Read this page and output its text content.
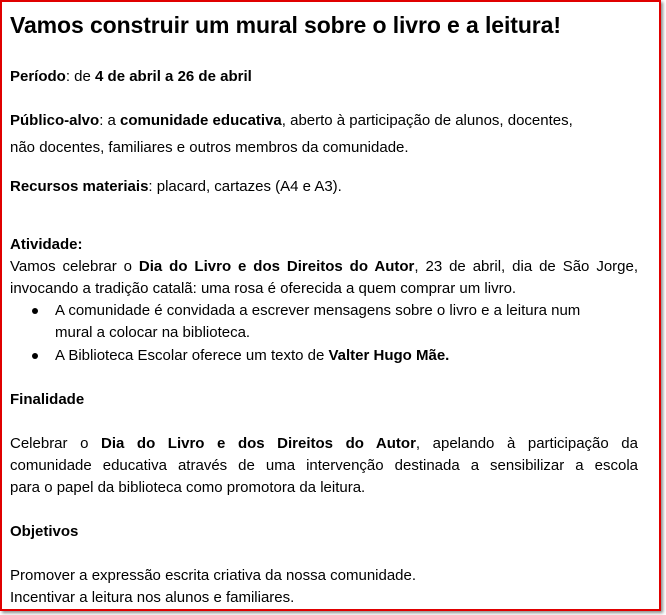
Vamos construir um mural sobre o livro e a leitura!
Período: de 4 de abril a 26 de abril
Público-alvo: a comunidade educativa, aberto à participação de alunos, docentes,
não docentes, familiares e outros membros da comunidade.
Recursos materiais: placard, cartazes (A4 e A3).
Atividade:
Vamos celebrar o Dia do Livro e dos Direitos do Autor, 23 de abril, dia de São Jorge,
invocando a tradição catalã: uma rosa é oferecida a quem comprar um livro.
A comunidade é convidada a escrever mensagens sobre o livro e a leitura num
mural a colocar na biblioteca.
A Biblioteca Escolar oferece um texto de Valter Hugo Mãe.
Finalidade
Celebrar o Dia do Livro e dos Direitos do Autor, apelando à participação da
comunidade educativa através de uma intervenção destinada a sensibilizar a escola
para o papel da biblioteca como promotora da leitura.
Objetivos
Promover a expressão escrita criativa da nossa comunidade.
Incentivar a leitura nos alunos e familiares.
